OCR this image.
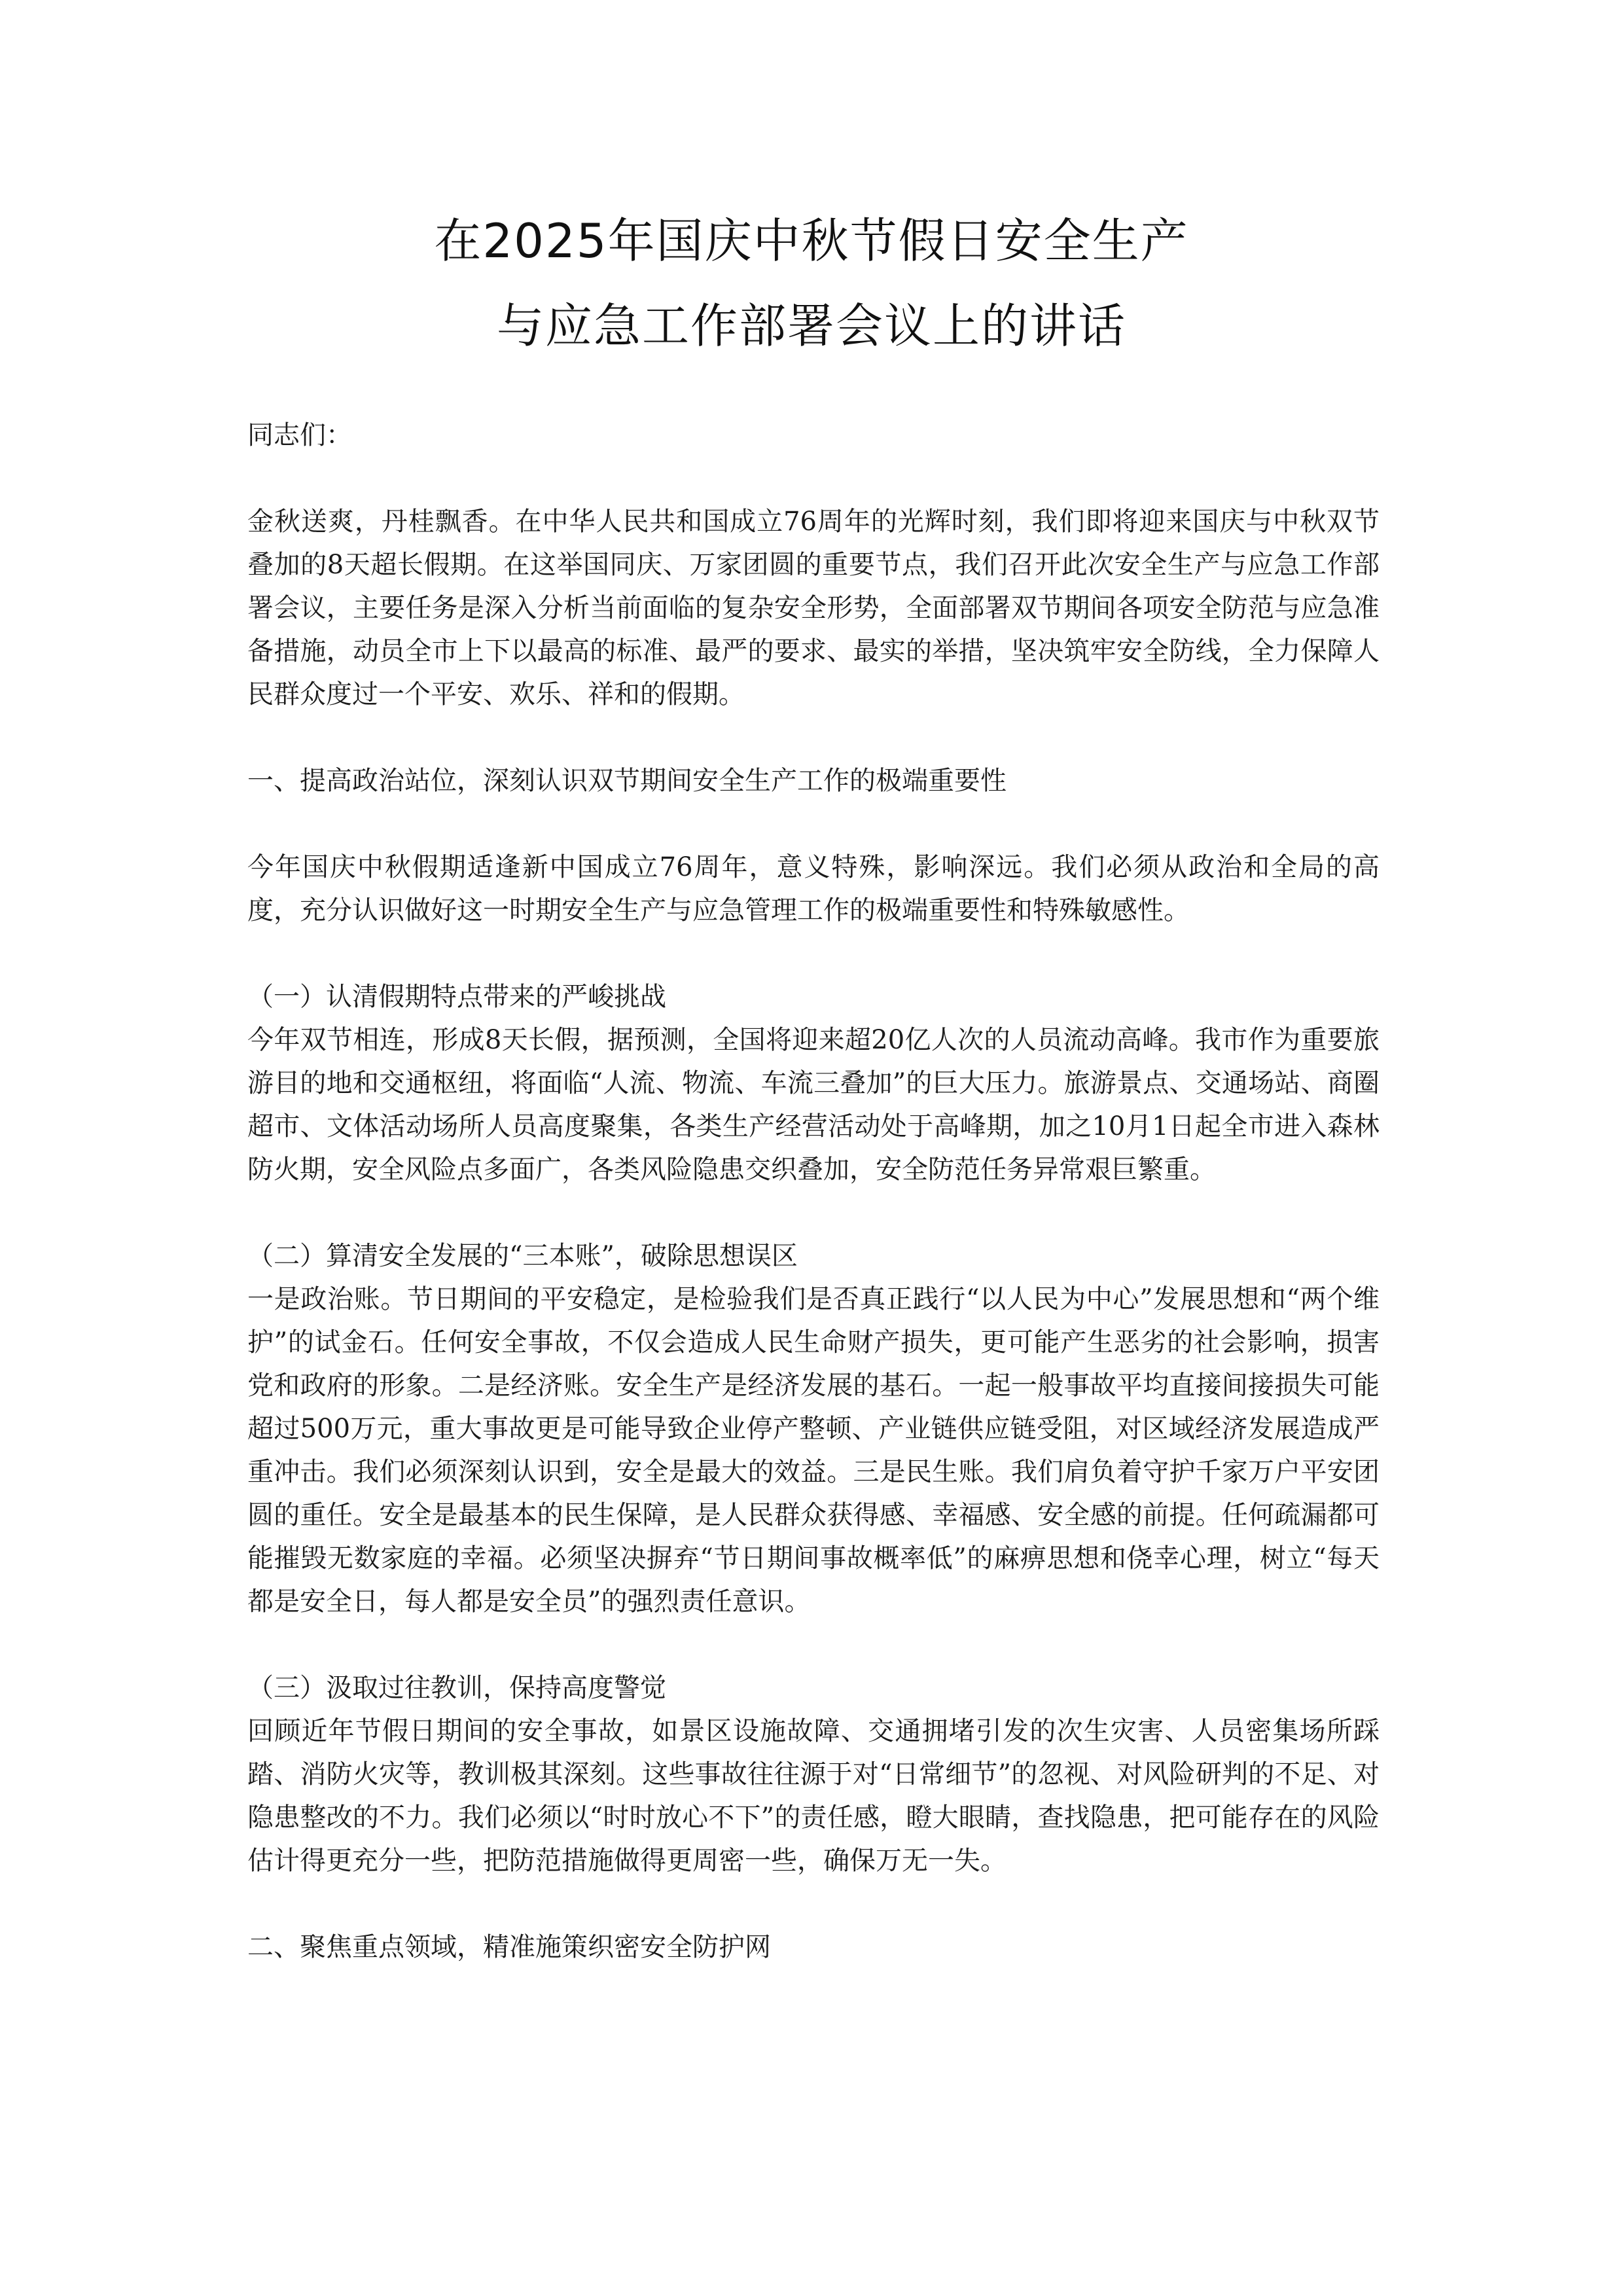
在2025年国庆中秋节假日安全生产
与应急工作部署会议上的讲话

同志们：

金秋送爽，丹桂飘香。在中华人民共和国成立76周年的光辉时刻，我们即将迎来国庆与中秋双节叠加的8天超长假期。在这举国同庆、万家团圆的重要节点，我们召开此次安全生产与应急工作部署会议，主要任务是深入分析当前面临的复杂安全形势，全面部署双节期间各项安全防范与应急准备措施，动员全市上下以最高的标准、最严的要求、最实的举措，坚决筑牢安全防线，全力保障人民群众度过一个平安、欢乐、祥和的假期。

一、提高政治站位，深刻认识双节期间安全生产工作的极端重要性

今年国庆中秋假期适逢新中国成立76周年，意义特殊，影响深远。我们必须从政治和全局的高度，充分认识做好这一时期安全生产与应急管理工作的极端重要性和特殊敏感性。

（一）认清假期特点带来的严峻挑战

今年双节相连，形成8天长假，据预测，全国将迎来超20亿人次的人员流动高峰。我市作为重要旅游目的地和交通枢纽，将面临“人流、物流、车流三叠加”的巨大压力。旅游景点、交通场站、商圈超市、文体活动场所人员高度聚集，各类生产经营活动处于高峰期，加之10月1日起全市进入森林防火期，安全风险点多面广，各类风险隐患交织叠加，安全防范任务异常艰巨繁重。

（二）算清安全发展的“三本账”，破除思想误区

一是政治账。节日期间的平安稳定，是检验我们是否真正践行“以人民为中心”发展思想和“两个维护”的试金石。任何安全事故，不仅会造成人民生命财产损失，更可能产生恶劣的社会影响，损害党和政府的形象。二是经济账。安全生产是经济发展的基石。一起一般事故平均直接间接损失可能超过500万元，重大事故更是可能导致企业停产整顿、产业链供应链受阻，对区域经济发展造成严重冲击。我们必须深刻认识到，安全是最大的效益。三是民生账。我们肩负着守护千家万户平安团圆的重任。安全是最基本的民生保障，是人民群众获得感、幸福感、安全感的前提。任何疏漏都可能摧毁无数家庭的幸福。必须坚决摒弃“节日期间事故概率低”的麻痹思想和侥幸心理，树立“每天都是安全日，每人都是安全员”的强烈责任意识。

（三）汲取过往教训，保持高度警觉

回顾近年节假日期间的安全事故，如景区设施故障、交通拥堵引发的次生灾害、人员密集场所踩踏、消防火灾等，教训极其深刻。这些事故往往源于对“日常细节”的忽视、对风险研判的不足、对隐患整改的不力。我们必须以“时时放心不下”的责任感，瞪大眼睛，查找隐患，把可能存在的风险估计得更充分一些，把防范措施做得更周密一些，确保万无一失。

二、聚焦重点领域，精准施策织密安全防护网
